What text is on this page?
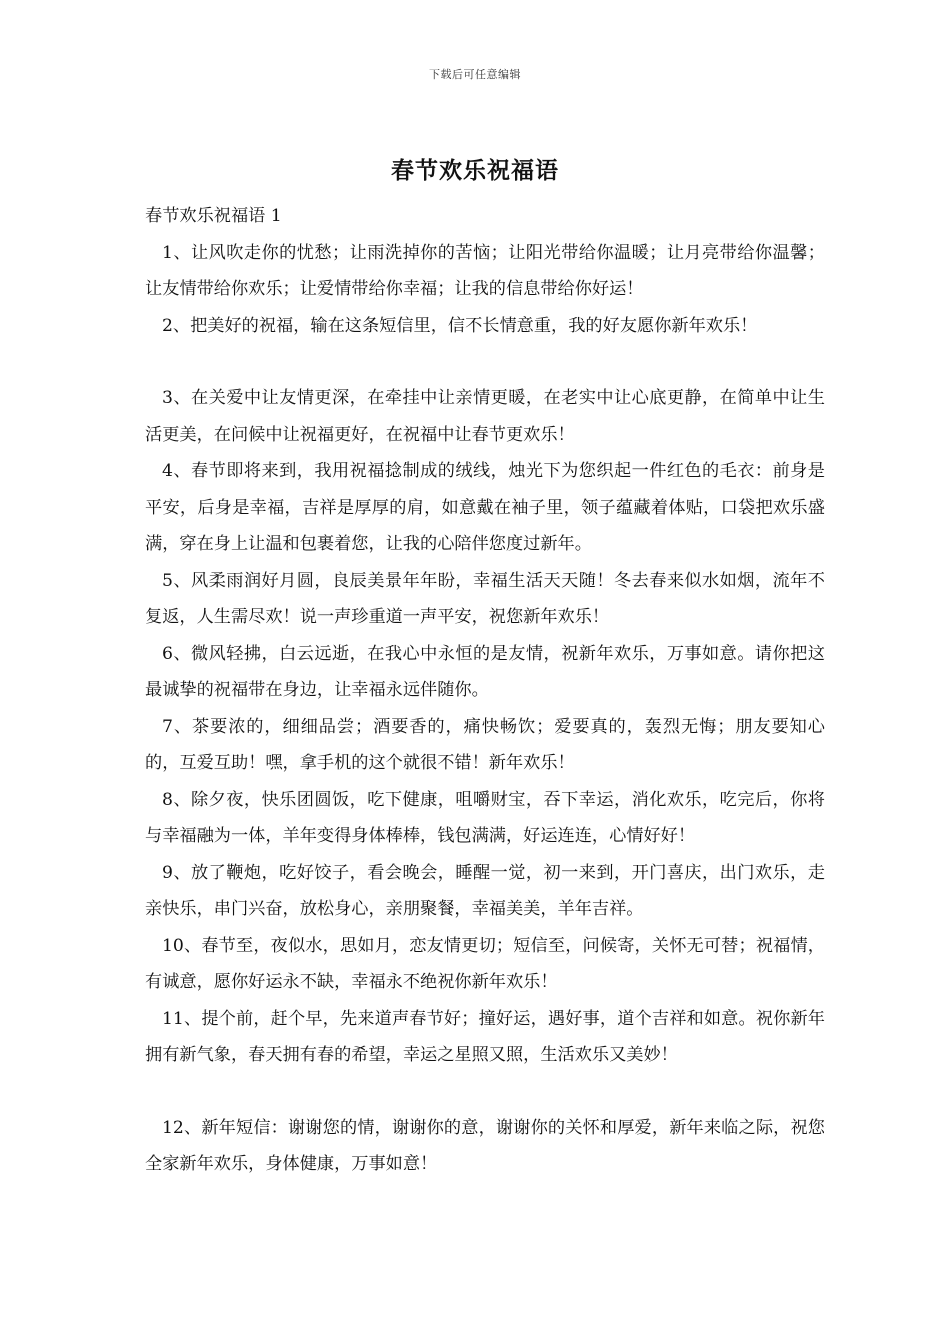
下载后可任意编辑
春节欢乐祝福语

春节欢乐祝福语 1

1、让风吹走你的忧愁；让雨洗掉你的苦恼；让阳光带给你温暖；让月亮带给你温馨；让友情带给你欢乐；让爱情带给你幸福；让我的信息带给你好运！

2、把美好的祝福，输在这条短信里，信不长情意重，我的好友愿你新年欢乐！

3、在关爱中让友情更深，在牵挂中让亲情更暖，在老实中让心底更静，在简单中让生活更美，在问候中让祝福更好，在祝福中让春节更欢乐！

4、春节即将来到，我用祝福捻制成的绒线，烛光下为您织起一件红色的毛衣：前身是平安，后身是幸福，吉祥是厚厚的肩，如意戴在袖子里，领子蕴藏着体贴，口袋把欢乐盛满，穿在身上让温和包裹着您，让我的心陪伴您度过新年。

5、风柔雨润好月圆，良辰美景年年盼，幸福生活天天随！冬去春来似水如烟，流年不复返，人生需尽欢！说一声珍重道一声平安，祝您新年欢乐！

6、微风轻拂，白云远逝，在我心中永恒的是友情，祝新年欢乐，万事如意。请你把这最诚挚的祝福带在身边，让幸福永远伴随你。

7、茶要浓的，细细品尝；酒要香的，痛快畅饮；爱要真的，轰烈无悔；朋友要知心的，互爱互助！嘿，拿手机的这个就很不错！新年欢乐！

8、除夕夜，快乐团圆饭，吃下健康，咀嚼财宝，吞下幸运，消化欢乐，吃完后，你将与幸福融为一体，羊年变得身体棒棒，钱包满满，好运连连，心情好好！

9、放了鞭炮，吃好饺子，看会晚会，睡醒一觉，初一来到，开门喜庆，出门欢乐，走亲快乐，串门兴奋，放松身心，亲朋聚餐，幸福美美，羊年吉祥。

10、春节至，夜似水，思如月，恋友情更切；短信至，问候寄，关怀无可替；祝福情，有诚意，愿你好运永不缺，幸福永不绝祝你新年欢乐！

11、提个前，赶个早，先来道声春节好；撞好运，遇好事，道个吉祥和如意。祝你新年拥有新气象，春天拥有春的希望，幸运之星照又照，生活欢乐又美妙！

12、新年短信：谢谢您的情，谢谢你的意，谢谢你的关怀和厚爱，新年来临之际，祝您全家新年欢乐，身体健康，万事如意！
